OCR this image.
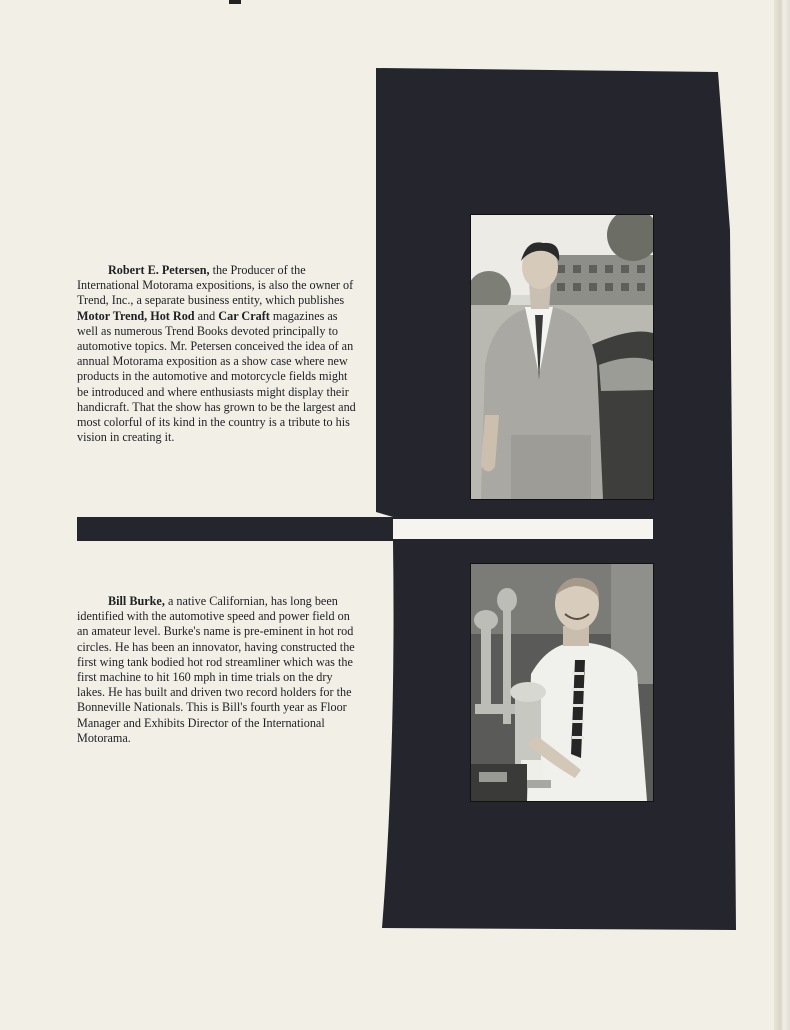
Robert E. Petersen, the Producer of the International Motorama expositions, is also the owner of Trend, Inc., a separate business entity, which publishes Motor Trend, Hot Rod and Car Craft magazines as well as numerous Trend Books devoted principally to automotive topics. Mr. Petersen conceived the idea of an annual Motorama exposition as a show case where new products in the automotive and motorcycle fields might be introduced and where enthusiasts might display their handicraft. That the show has grown to be the largest and most colorful of its kind in the country is a tribute to his vision in creating it.

Bill Burke, a native Californian, has long been identified with the automotive speed and power field on an amateur level. Burke's name is pre-eminent in hot rod circles. He has been an innovator, having constructed the first wing tank bodied hot rod streamliner which was the first machine to hit 160 mph in time trials on the dry lakes. He has built and driven two record holders for the Bonneville Nationals. This is Bill's fourth year as Floor Manager and Exhibits Director of the International Motorama.
